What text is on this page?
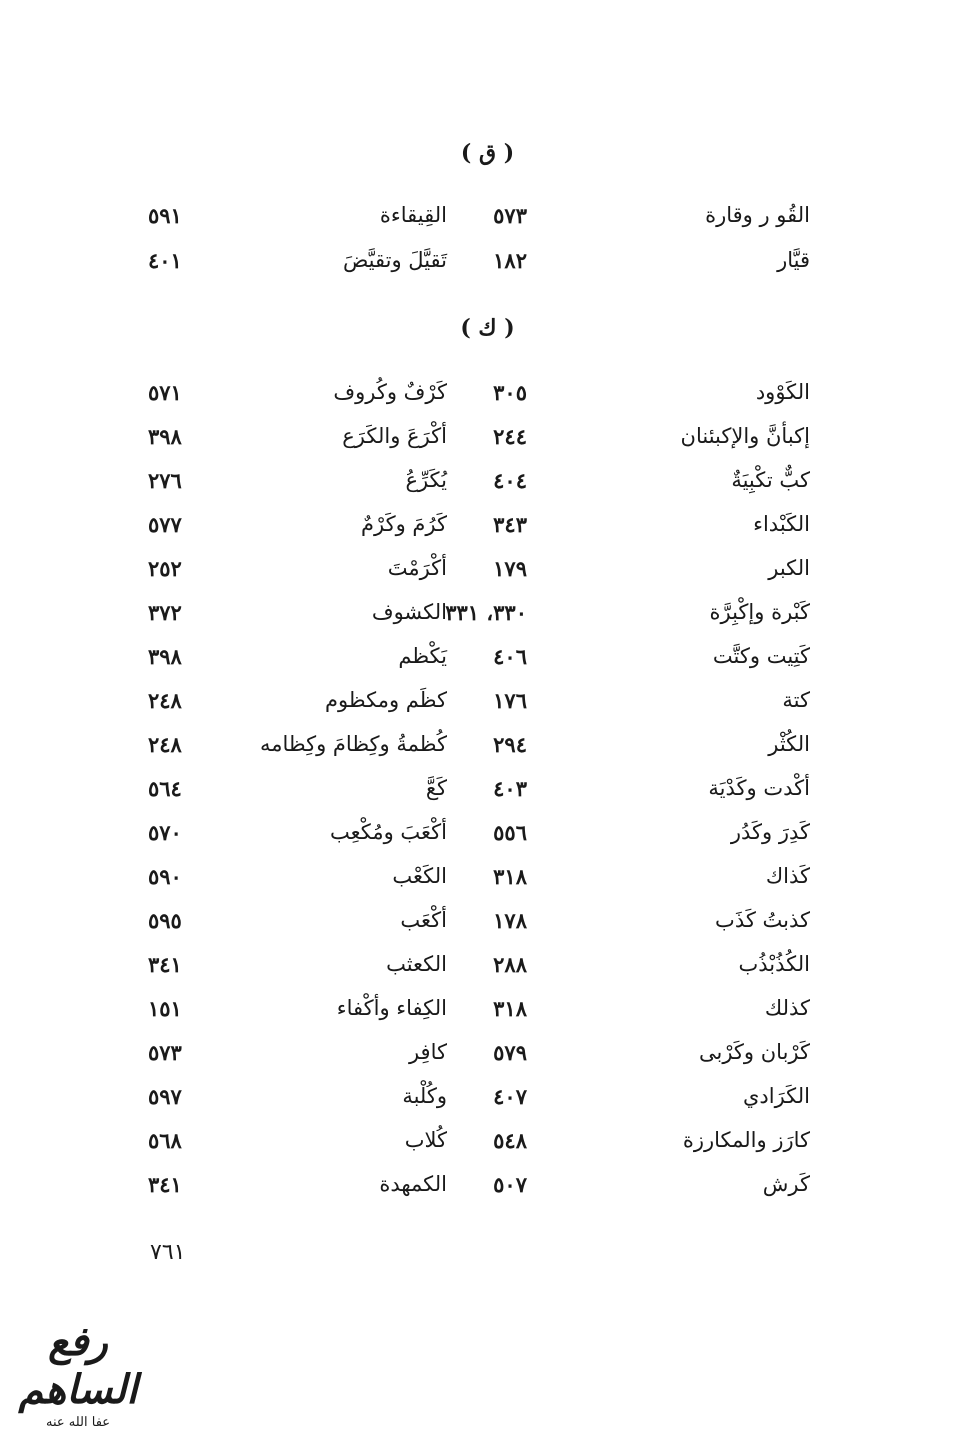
( ق )
القُو ر وقارة
٥٧٣
القِيقاءة
٥٩١
قيَّار
١٨٢
تَقيَّلَ وتقيَّضَ
٤٠١
( ك )
الكَوْود
٣٠٥
كَرْفٌ وكُروف
٥٧١
إكبأنَّ والإكبئنان
٢٤٤
أكْرَعَ والكَرَع
٣٩٨
كبٌّ تكْبِيَةٌ
٤٠٤
يُكَرِّعُ
٢٧٦
الكَبْداء
٣٤٣
كَرُمَ وكَرْمٌ
٥٧٧
الكبر
١٧٩
أكْرَمْتَ
٢٥٢
كَبْرة وإكْبِرَّة
٣٣٠، ٣٣١
الكشوف
٣٧٢
كَتِيت وكتَّت
٤٠٦
يَكْظم
٣٩٨
كتة
١٧٦
كظَم ومكظوم
٢٤٨
الكُثْر
٢٩٤
كُظمةُ وكِظامَ وكِظامه
٢٤٨
أكْدت وكَدْيَة
٤٠٣
كَعَّ
٥٦٤
كَدِرَ وكَدُر
٥٥٦
أكْعَبَ ومُكْعِب
٥٧٠
كَذاك
٣١٨
الكَعْب
٥٩٠
كذبتُ كَذَب
١٧٨
أكْعَب
٥٩٥
الكُذُبْذُب
٢٨٨
الكعثب
٣٤١
كذلك
٣١٨
الكِفاء وأكْفاء
١٥١
كَرْبان وكَرْبى
٥٧٩
كافِر
٥٧٣
الكَرَادي
٤٠٧
وكُلْبة
٥٩٧
كارَز والمكارزة
٥٤٨
كُلاب
٥٦٨
كَرش
٥٠٧
الكمهدة
٣٤١
٧٦١
رفع الساهم
عفا الله عنه
